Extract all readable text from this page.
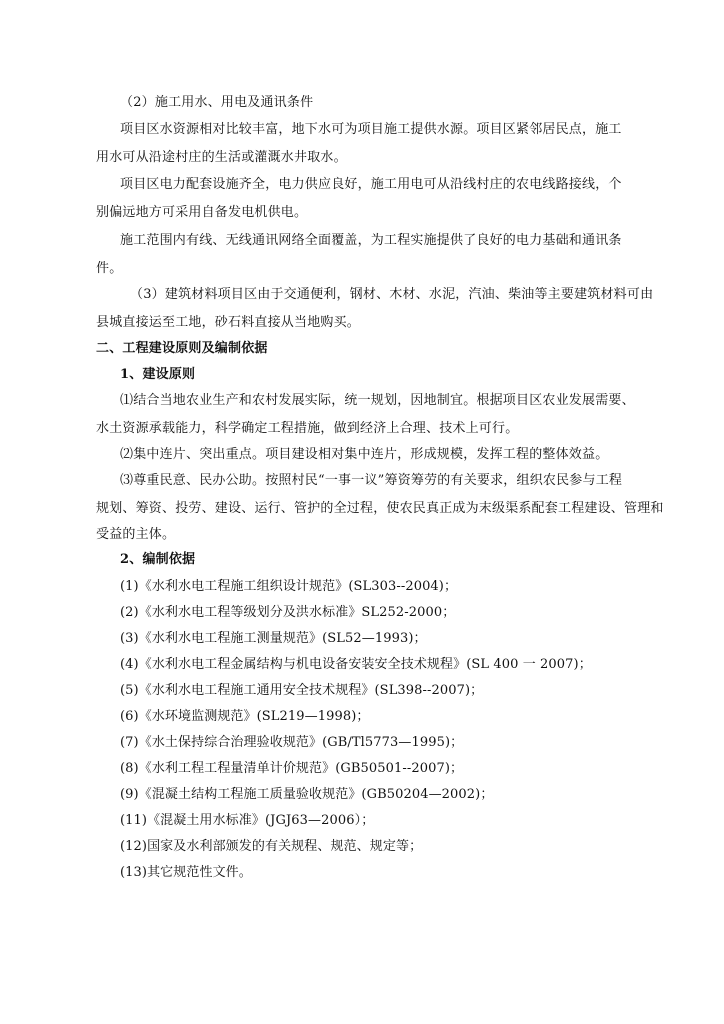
（2）施工用水、用电及通讯条件

项目区水资源相对比较丰富，地下水可为项目施工提供水源。项目区紧邻居民点，施工

用水可从沿途村庄的生活或灌溉水井取水。

项目区电力配套设施齐全，电力供应良好，施工用电可从沿线村庄的农电线路接线，个

别偏远地方可采用自备发电机供电。

施工范围内有线、无线通讯网络全面覆盖，为工程实施提供了良好的电力基础和通讯条

件。

（3）建筑材料项目区由于交通便利，钢材、木材、水泥，汽油、柴油等主要建筑材料可由

县城直接运至工地，砂石料直接从当地购买。

二、工程建设原则及编制依据

1、建设原则

⑴结合当地农业生产和农村发展实际，统一规划，因地制宜。根据项目区农业发展需要、

水土资源承载能力，科学确定工程措施，做到经济上合理、技术上可行。

⑵集中连片、突出重点。项目建设相对集中连片，形成规模，发挥工程的整体效益。

⑶尊重民意、民办公助。按照村民“一事一议”筹资筹劳的有关要求，组织农民参与工程

规划、筹资、投劳、建设、运行、管护的全过程，使农民真正成为末级渠系配套工程建设、管理和

受益的主体。

2、编制依据

(1)《水利水电工程施工组织设计规范》(SL303--2004)；

(2)《水利水电工程等级划分及洪水标准》SL252-2000；

(3)《水利水电工程施工测量规范》(SL52—1993)；

(4)《水利水电工程金属结构与机电设备安装安全技术规程》(SL 400 一 2007)；

(5)《水利水电工程施工通用安全技术规程》(SL398--2007)；

(6)《水环境监测规范》(SL219—1998)；

(7)《水土保持综合治理验收规范》(GB/Tl5773—1995)；

(8)《水利工程工程量清单计价规范》(GB50501--2007)；

(9)《混凝土结构工程施工质量验收规范》(GB50204—2002)；

(11)《混凝土用水标准》(JGJ63—2006）；

(12)国家及水利部颁发的有关规程、规范、规定等；

(13)其它规范性文件。
